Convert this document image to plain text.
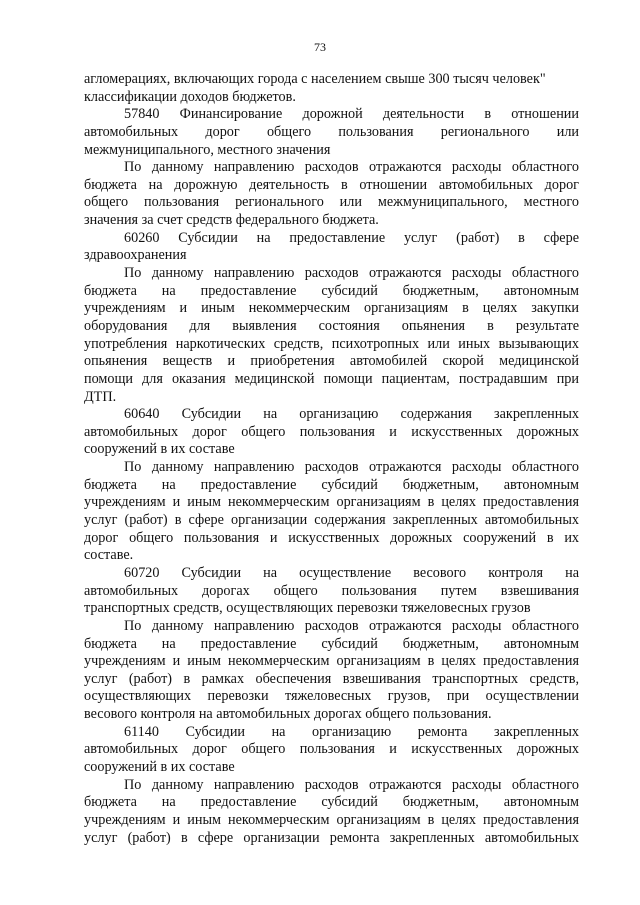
73
агломерациях, включающих города с населением свыше 300 тысяч человек"
классификации доходов бюджетов.
57840 Финансирование дорожной деятельности в отношении
автомобильных дорог общего пользования регионального или
межмуниципального, местного значения
По данному направлению расходов отражаются расходы областного
бюджета на дорожную деятельность в отношении автомобильных дорог
общего пользования регионального или межмуниципального, местного
значения за счет средств федерального бюджета.
60260 Субсидии на предоставление услуг (работ) в сфере
здравоохранения
По данному направлению расходов отражаются расходы областного
бюджета на предоставление субсидий бюджетным, автономным
учреждениям и иным некоммерческим организациям в целях закупки
оборудования для выявления состояния опьянения в результате
употребления наркотических средств, психотропных или иных вызывающих
опьянения веществ и приобретения автомобилей скорой медицинской
помощи для оказания медицинской помощи пациентам, пострадавшим при
ДТП.
60640 Субсидии на организацию содержания закрепленных
автомобильных дорог общего пользования и искусственных дорожных
сооружений в их составе
По данному направлению расходов отражаются расходы областного
бюджета на предоставление субсидий бюджетным, автономным
учреждениям и иным некоммерческим организациям в целях предоставления
услуг (работ) в сфере организации содержания закрепленных автомобильных
дорог общего пользования и искусственных дорожных сооружений в их
составе.
60720 Субсидии на осуществление весового контроля на
автомобильных дорогах общего пользования путем взвешивания
транспортных средств, осуществляющих перевозки тяжеловесных грузов
По данному направлению расходов отражаются расходы областного
бюджета на предоставление субсидий бюджетным, автономным
учреждениям и иным некоммерческим организациям в целях предоставления
услуг (работ) в рамках обеспечения взвешивания транспортных средств,
осуществляющих перевозки тяжеловесных грузов, при осуществлении
весового контроля на автомобильных дорогах общего пользования.
61140 Субсидии на организацию ремонта закрепленных
автомобильных дорог общего пользования и искусственных дорожных
сооружений в их составе
По данному направлению расходов отражаются расходы областного
бюджета на предоставление субсидий бюджетным, автономным
учреждениям и иным некоммерческим организациям в целях предоставления
услуг (работ) в сфере организации ремонта закрепленных автомобильных
